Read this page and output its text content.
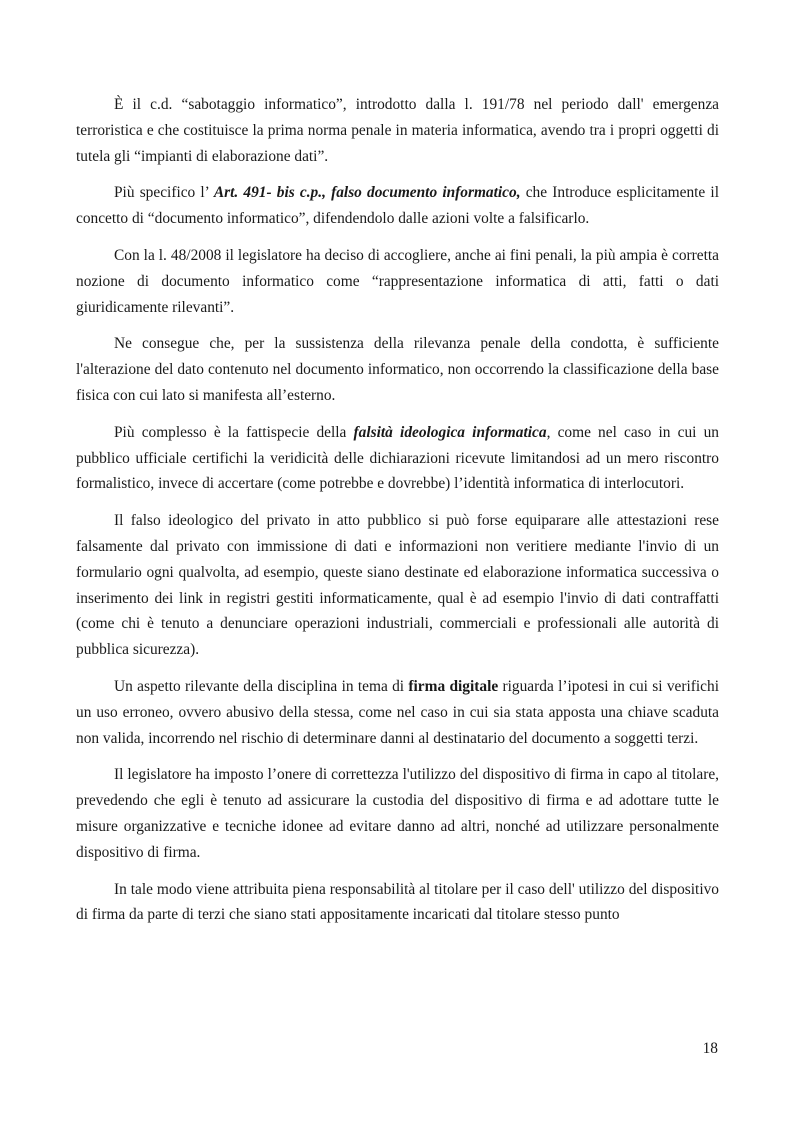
È il c.d. “sabotaggio informatico”, introdotto dalla l. 191/78 nel periodo dall' emergenza terroristica e che costituisce la prima norma penale in materia informatica, avendo tra i propri oggetti di tutela gli “impianti di elaborazione dati”.

Più specifico l’ Art. 491- bis c.p., falso documento informatico, che Introduce esplicitamente il concetto di “documento informatico”, difendendolo dalle azioni volte a falsificarlo.

Con la l. 48/2008 il legislatore ha deciso di accogliere, anche ai fini penali, la più ampia è corretta nozione di documento informatico come “rappresentazione informatica di atti, fatti o dati giuridicamente rilevanti”.

Ne consegue che, per la sussistenza della rilevanza penale della condotta, è sufficiente l'alterazione del dato contenuto nel documento informatico, non occorrendo la classificazione della base fisica con cui lato si manifesta all’esterno.

Più complesso è la fattispecie della falsità ideologica informatica, come nel caso in cui un pubblico ufficiale certifichi la veridicità delle dichiarazioni ricevute limitandosi ad un mero riscontro formalistico, invece di accertare (come potrebbe e dovrebbe) l’identità informatica di interlocutori.

Il falso ideologico del privato in atto pubblico si può forse equiparare alle attestazioni rese falsamente dal privato con immissione di dati e informazioni non veritiere mediante l'invio di un formulario ogni qualvolta, ad esempio, queste siano destinate ed elaborazione informatica successiva o inserimento dei link in registri gestiti informaticamente, qual è ad esempio l'invio di dati contraffatti (come chi è tenuto a denunciare operazioni industriali, commerciali e professionali alle autorità di pubblica sicurezza).

Un aspetto rilevante della disciplina in tema di firma digitale riguarda l’ipotesi in cui si verifichi un uso erroneo, ovvero abusivo della stessa, come nel caso in cui sia stata apposta una chiave scaduta non valida, incorrendo nel rischio di determinare danni al destinatario del documento a soggetti terzi.

Il legislatore ha imposto l’onere di correttezza l'utilizzo del dispositivo di firma in capo al titolare, prevedendo che egli è tenuto ad assicurare la custodia del dispositivo di firma e ad adottare tutte le misure organizzative e tecniche idonee ad evitare danno ad altri, nonché ad utilizzare personalmente dispositivo di firma.

In tale modo viene attribuita piena responsabilità al titolare per il caso dell' utilizzo del dispositivo di firma da parte di terzi che siano stati appositamente incaricati dal titolare stesso punto

18
